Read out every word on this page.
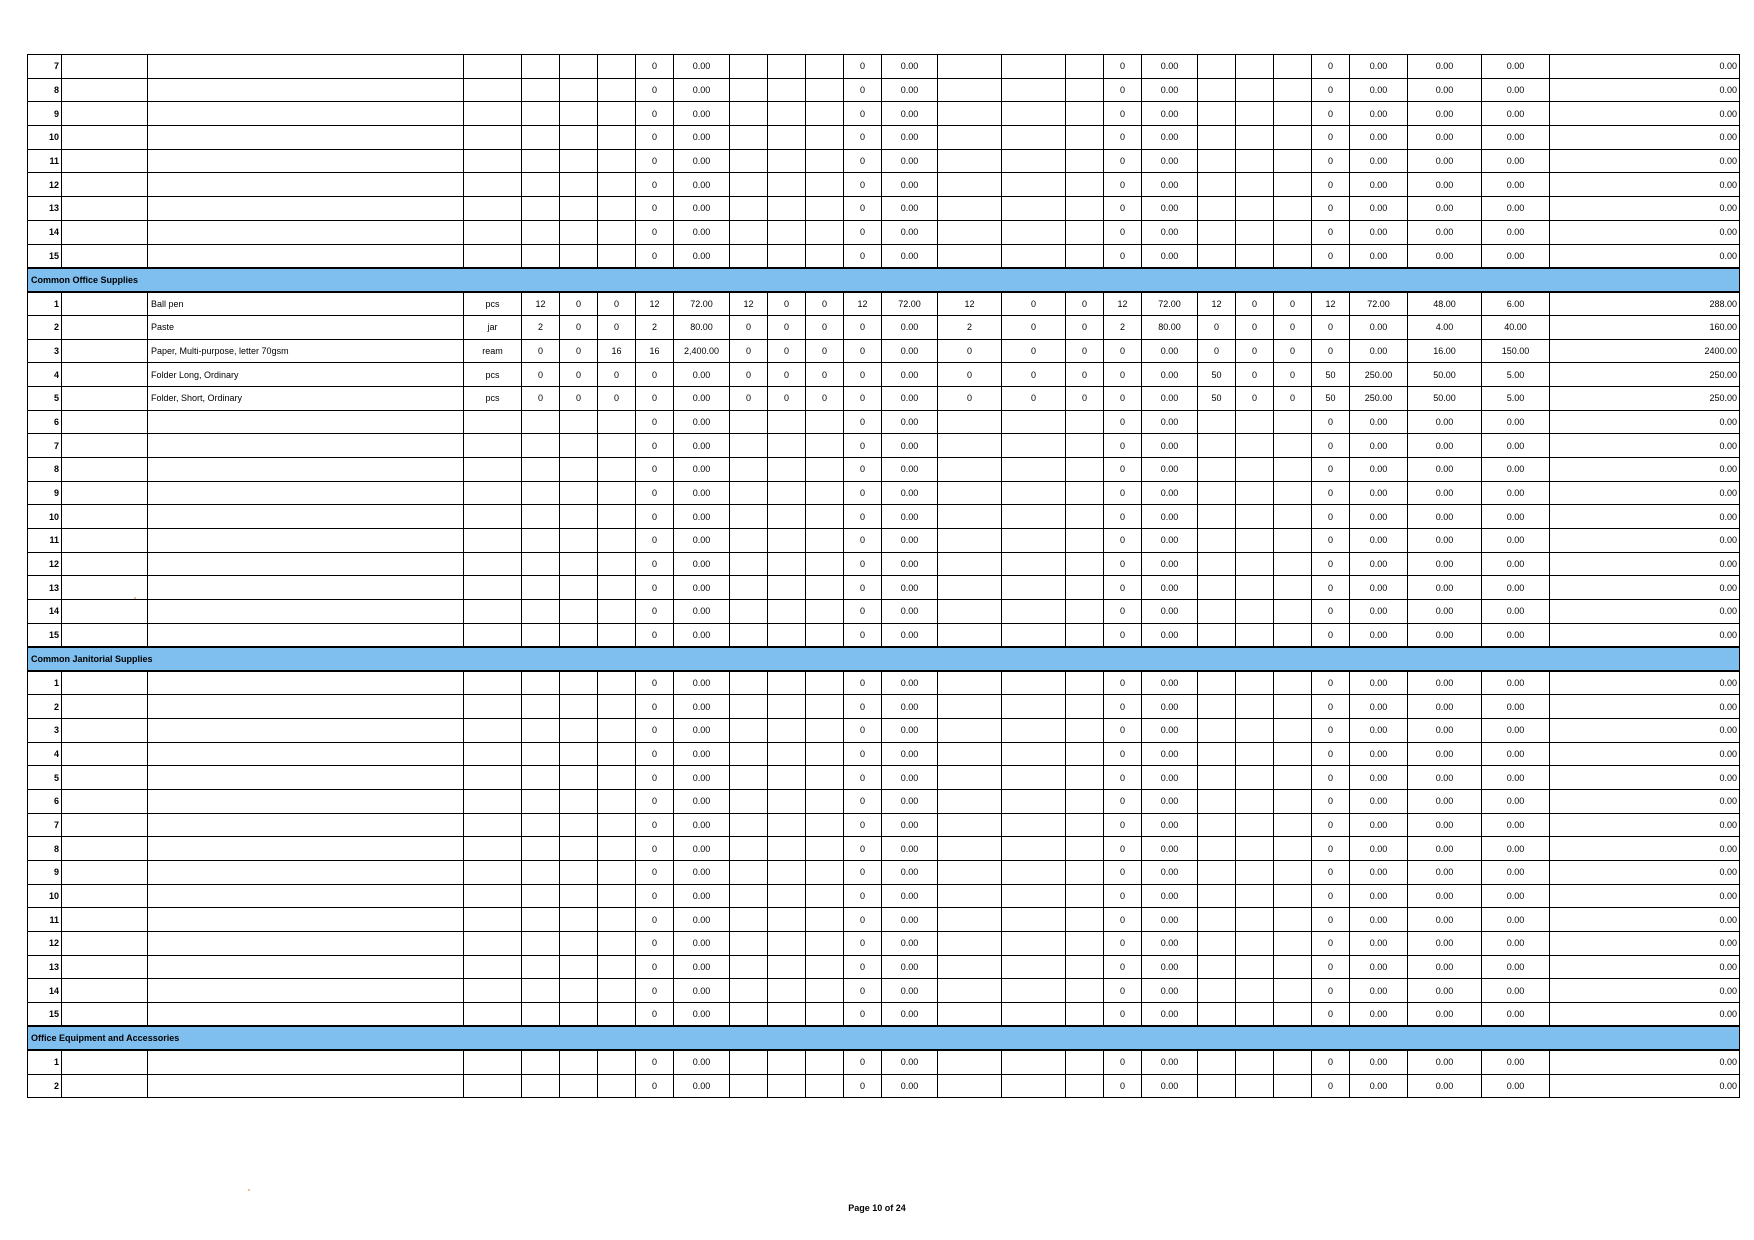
7							0	0.00				0	0.00				0	0.00				0	0.00	0.00	0.00	0.00
8							0	0.00				0	0.00				0	0.00				0	0.00	0.00	0.00	0.00
9							0	0.00				0	0.00				0	0.00				0	0.00	0.00	0.00	0.00
10							0	0.00				0	0.00				0	0.00				0	0.00	0.00	0.00	0.00
11							0	0.00				0	0.00				0	0.00				0	0.00	0.00	0.00	0.00
12							0	0.00				0	0.00				0	0.00				0	0.00	0.00	0.00	0.00
13							0	0.00				0	0.00				0	0.00				0	0.00	0.00	0.00	0.00
14							0	0.00				0	0.00				0	0.00				0	0.00	0.00	0.00	0.00
15							0	0.00				0	0.00				0	0.00				0	0.00	0.00	0.00	0.00
Common Office Supplies																										
1		Ball pen	pcs	12	0	0	12	72.00	12	0	0	12	72.00	12	0	0	12	72.00	12	0	0	12	72.00	48.00	6.00	288.00
2		Paste	jar	2	0	0	2	80.00	0	0	0	0	0.00	2	0	0	2	80.00	0	0	0	0	0.00	4.00	40.00	160.00
3		Paper, Multi-purpose, letter 70gsm	ream	0	0	16	16	2,400.00	0	0	0	0	0.00	0	0	0	0	0.00	0	0	0	0	0.00	16.00	150.00	2400.00
4		Folder Long, Ordinary	pcs	0	0	0	0	0.00	0	0	0	0	0.00	0	0	0	0	0.00	50	0	0	50	250.00	50.00	5.00	250.00
5		Folder, Short, Ordinary	pcs	0	0	0	0	0.00	0	0	0	0	0.00	0	0	0	0	0.00	50	0	0	50	250.00	50.00	5.00	250.00
6							0	0.00				0	0.00				0	0.00				0	0.00	0.00	0.00	0.00
7							0	0.00				0	0.00				0	0.00				0	0.00	0.00	0.00	0.00
8							0	0.00				0	0.00				0	0.00				0	0.00	0.00	0.00	0.00
9							0	0.00				0	0.00				0	0.00				0	0.00	0.00	0.00	0.00
10							0	0.00				0	0.00				0	0.00				0	0.00	0.00	0.00	0.00
11							0	0.00				0	0.00				0	0.00				0	0.00	0.00	0.00	0.00
12							0	0.00				0	0.00				0	0.00				0	0.00	0.00	0.00	0.00
13							0	0.00				0	0.00				0	0.00				0	0.00	0.00	0.00	0.00
14							0	0.00				0	0.00				0	0.00				0	0.00	0.00	0.00	0.00
15							0	0.00				0	0.00				0	0.00				0	0.00	0.00	0.00	0.00
Common Janitorial Supplies																										
1							0	0.00				0	0.00				0	0.00				0	0.00	0.00	0.00	0.00
2							0	0.00				0	0.00				0	0.00				0	0.00	0.00	0.00	0.00
3							0	0.00				0	0.00				0	0.00				0	0.00	0.00	0.00	0.00
4							0	0.00				0	0.00				0	0.00				0	0.00	0.00	0.00	0.00
5							0	0.00				0	0.00				0	0.00				0	0.00	0.00	0.00	0.00
6							0	0.00				0	0.00				0	0.00				0	0.00	0.00	0.00	0.00
7							0	0.00				0	0.00				0	0.00				0	0.00	0.00	0.00	0.00
8							0	0.00				0	0.00				0	0.00				0	0.00	0.00	0.00	0.00
9							0	0.00				0	0.00				0	0.00				0	0.00	0.00	0.00	0.00
10							0	0.00				0	0.00				0	0.00				0	0.00	0.00	0.00	0.00
11							0	0.00				0	0.00				0	0.00				0	0.00	0.00	0.00	0.00
12							0	0.00				0	0.00				0	0.00				0	0.00	0.00	0.00	0.00
13							0	0.00				0	0.00				0	0.00				0	0.00	0.00	0.00	0.00
14							0	0.00				0	0.00				0	0.00				0	0.00	0.00	0.00	0.00
15							0	0.00				0	0.00				0	0.00				0	0.00	0.00	0.00	0.00
Office Equipment and Accessories																										
1							0	0.00				0	0.00				0	0.00				0	0.00	0.00	0.00	0.00
2							0	0.00				0	0.00				0	0.00				0	0.00	0.00	0.00	0.00
Page 10 of 24
